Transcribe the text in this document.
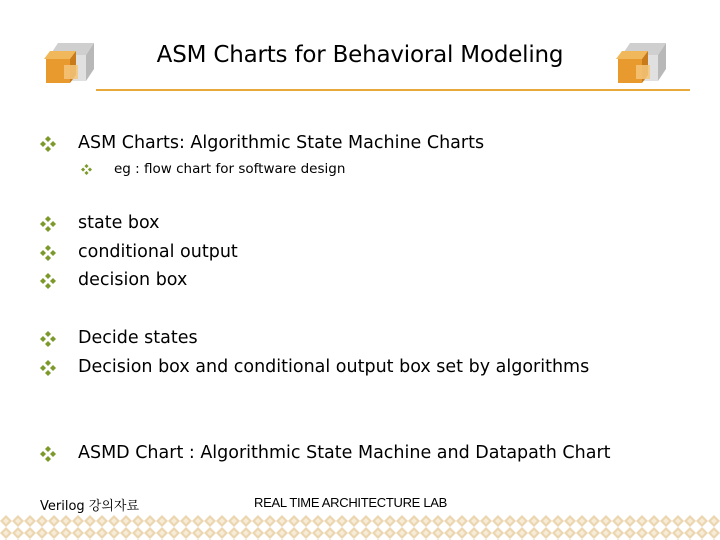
ASM Charts for Behavioral Modeling
ASM Charts: Algorithmic State Machine Charts
eg : flow chart for software design
state box
conditional output
decision box
Decide states
Decision box and conditional output box set by algorithms
ASMD Chart : Algorithmic State Machine and Datapath Chart
Verilog 강의자료	REAL TIME ARCHITECTURE LAB
